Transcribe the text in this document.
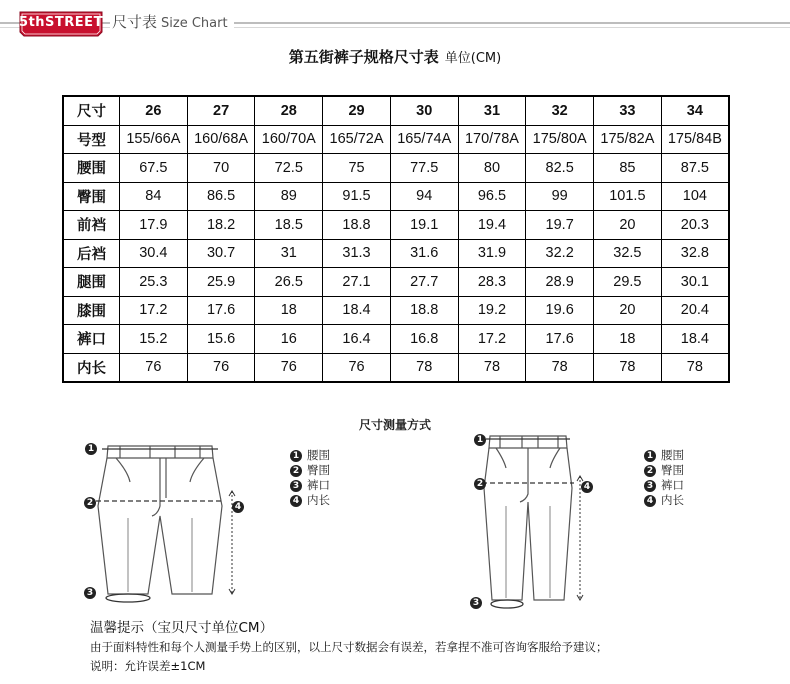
5thSTREET 尺寸表 Size Chart
第五街裤子规格尺寸表 单位(CM)
尺寸	26	27	28	29	30	31	32	33	34
号型	155/66A	160/68A	160/70A	165/72A	165/74A	170/78A	175/80A	175/82A	175/84B
腰围	67.5	70	72.5	75	77.5	80	82.5	85	87.5
臀围	84	86.5	89	91.5	94	96.5	99	101.5	104
前裆	17.9	18.2	18.5	18.8	19.1	19.4	19.7	20	20.3
后裆	30.4	30.7	31	31.3	31.6	31.9	32.2	32.5	32.8
腿围	25.3	25.9	26.5	27.1	27.7	28.3	28.9	29.5	30.1
膝围	17.2	17.6	18	18.4	18.8	19.2	19.6	20	20.4
裤口	15.2	15.6	16	16.4	16.8	17.2	17.6	18	18.4
内长	76	76	76	76	78	78	78	78	78
尺寸测量方式
1
2
3
4
1 腰围
2 臀围
3 裤口
4 内长
1
2
3
4
1 腰围
2 臀围
3 裤口
4 内长
温馨提示（宝贝尺寸单位CM）
由于面料特性和每个人测量手势上的区别，以上尺寸数据会有误差，若拿捏不准可咨询客服给予建议；
说明：允许误差±1CM
